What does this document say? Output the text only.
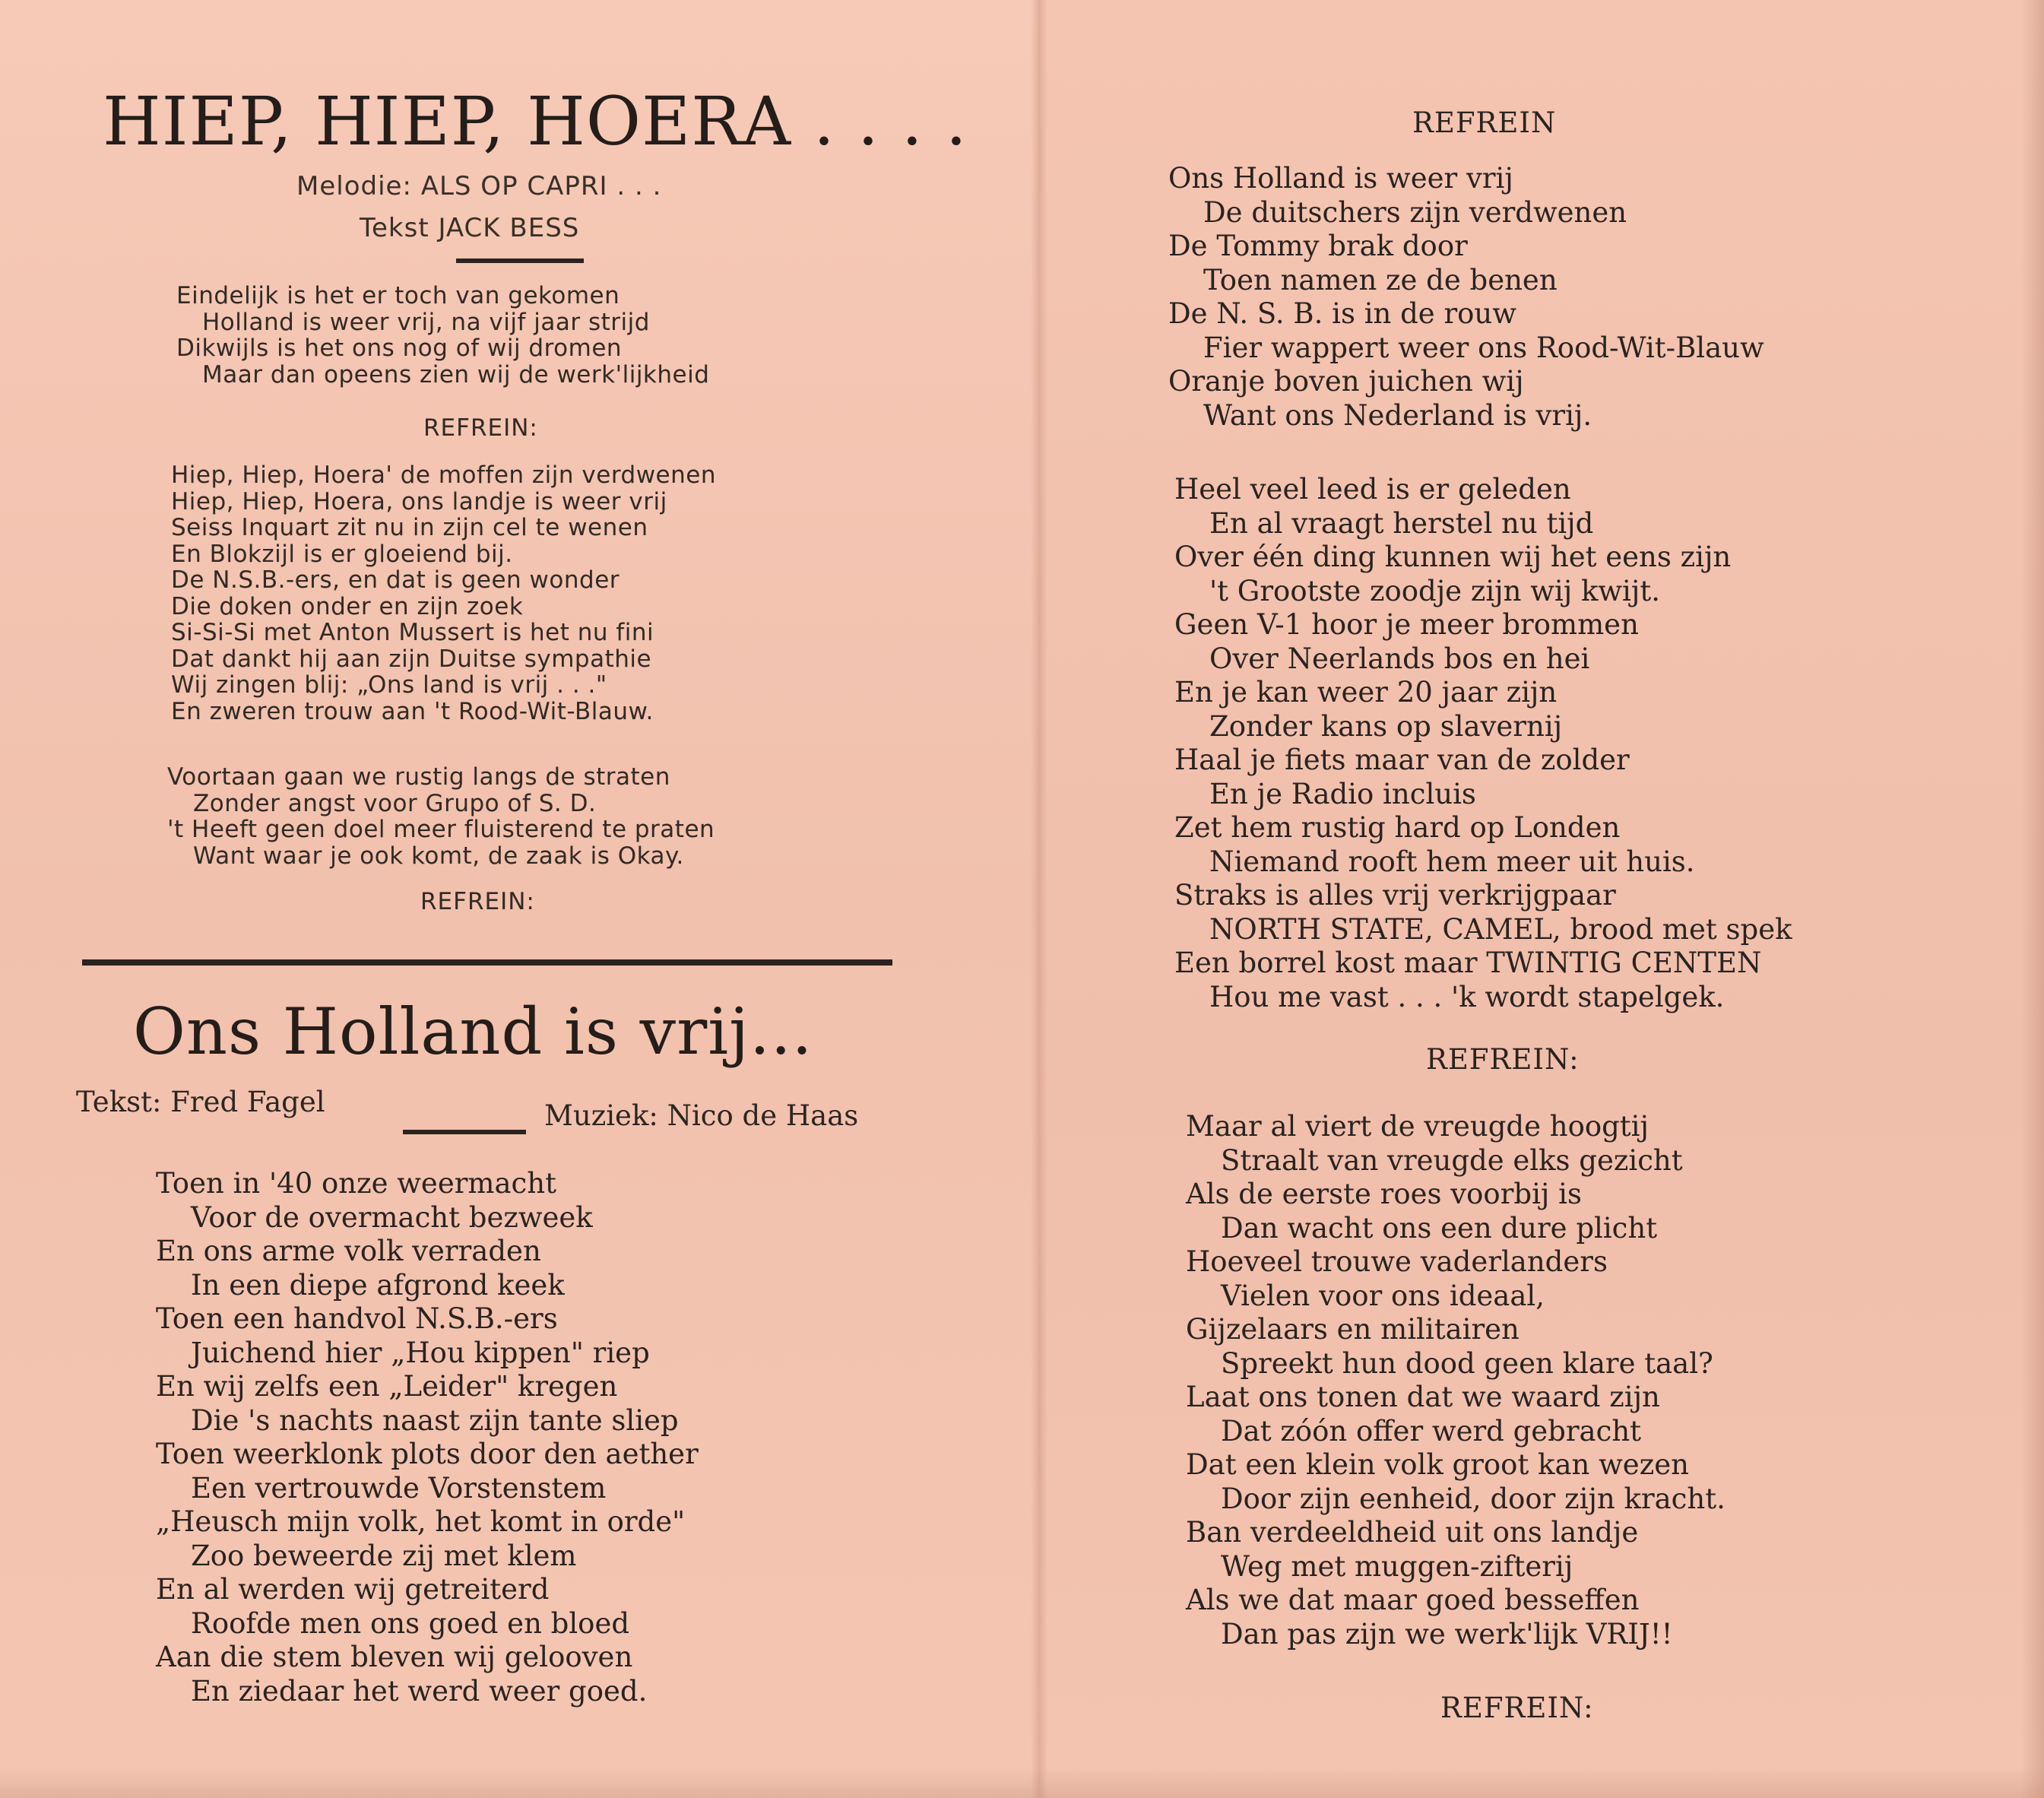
HIEP, HIEP, HOERA . . . .
Melodie: ALS OP CAPRI . . .
Tekst JACK BESS
Eindelijk is het er toch van gekomen
Holland is weer vrij, na vijf jaar strijd
Dikwijls is het ons nog of wij dromen
Maar dan opeens zien wij de werk'lijkheid
REFREIN:
Hiep, Hiep, Hoera' de moffen zijn verdwenen
Hiep, Hiep, Hoera, ons landje is weer vrij
Seiss Inquart zit nu in zijn cel te wenen
En Blokzijl is er gloeiend bij.
De N.S.B.-ers, en dat is geen wonder
Die doken onder en zijn zoek
Si-Si-Si met Anton Mussert is het nu fini
Dat dankt hij aan zijn Duitse sympathie
Wij zingen blij: „Ons land is vrij . . ."
En zweren trouw aan 't Rood-Wit-Blauw.
Voortaan gaan we rustig langs de straten
Zonder angst voor Grupo of S. D.
't Heeft geen doel meer fluisterend te praten
Want waar je ook komt, de zaak is Okay.
REFREIN:
Ons Holland is vrij...
Tekst: Fred Fagel	Muziek: Nico de Haas
Toen in '40 onze weermacht
Voor de overmacht bezweek
En ons arme volk verraden
In een diepe afgrond keek
Toen een handvol N.S.B.-ers
Juichend hier „Hou kippen" riep
En wij zelfs een „Leider" kregen
Die 's nachts naast zijn tante sliep
Toen weerklonk plots door den aether
Een vertrouwde Vorstenstem
„Heusch mijn volk, het komt in orde"
Zoo beweerde zij met klem
En al werden wij getreiterd
Roofde men ons goed en bloed
Aan die stem bleven wij gelooven
En ziedaar het werd weer goed.
REFREIN
Ons Holland is weer vrij
De duitschers zijn verdwenen
De Tommy brak door
Toen namen ze de benen
De N. S. B. is in de rouw
Fier wappert weer ons Rood-Wit-Blauw
Oranje boven juichen wij
Want ons Nederland is vrij.
Heel veel leed is er geleden
En al vraagt herstel nu tijd
Over één ding kunnen wij het eens zijn
't Grootste zoodje zijn wij kwijt.
Geen V-1 hoor je meer brommen
Over Neerlands bos en hei
En je kan weer 20 jaar zijn
Zonder kans op slavernij
Haal je fiets maar van de zolder
En je Radio incluis
Zet hem rustig hard op Londen
Niemand rooft hem meer uit huis.
Straks is alles vrij verkrijgpaar
NORTH STATE, CAMEL, brood met spek
Een borrel kost maar TWINTIG CENTEN
Hou me vast . . . 'k wordt stapelgek.
REFREIN:
Maar al viert de vreugde hoogtij
Straalt van vreugde elks gezicht
Als de eerste roes voorbij is
Dan wacht ons een dure plicht
Hoeveel trouwe vaderlanders
Vielen voor ons ideaal,
Gijzelaars en militairen
Spreekt hun dood geen klare taal?
Laat ons tonen dat we waard zijn
Dat zóón offer werd gebracht
Dat een klein volk groot kan wezen
Door zijn eenheid, door zijn kracht.
Ban verdeeldheid uit ons landje
Weg met muggen-zifterij
Als we dat maar goed besseffen
Dan pas zijn we werk'lijk VRIJ!!
REFREIN:
